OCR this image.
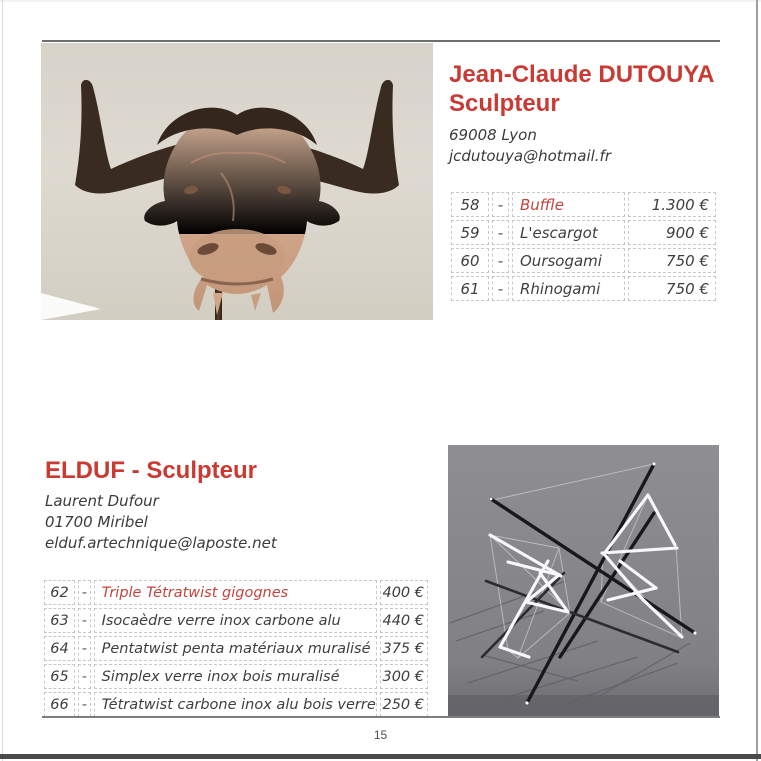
Jean-Claude DUTOUYA
Sculpteur
69008 Lyon
jcdutouya@hotmail.fr
58	-	Buffle	1.300 €
59	-	L'escargot	900 €
60	-	Oursogami	750 €
61	-	Rhinogami	750 €
ELDUF - Sculpteur
Laurent Dufour
01700 Miribel
elduf.artechnique@laposte.net
62	-	Triple Tétratwist gigognes	400 €
63	-	Isocaèdre verre inox carbone alu	440 €
64	-	Pentatwist penta matériaux muralisé	375 €
65	-	Simplex verre inox bois muralisé	300 €
66	-	Tétratwist carbone inox alu bois verre	250 €
15
